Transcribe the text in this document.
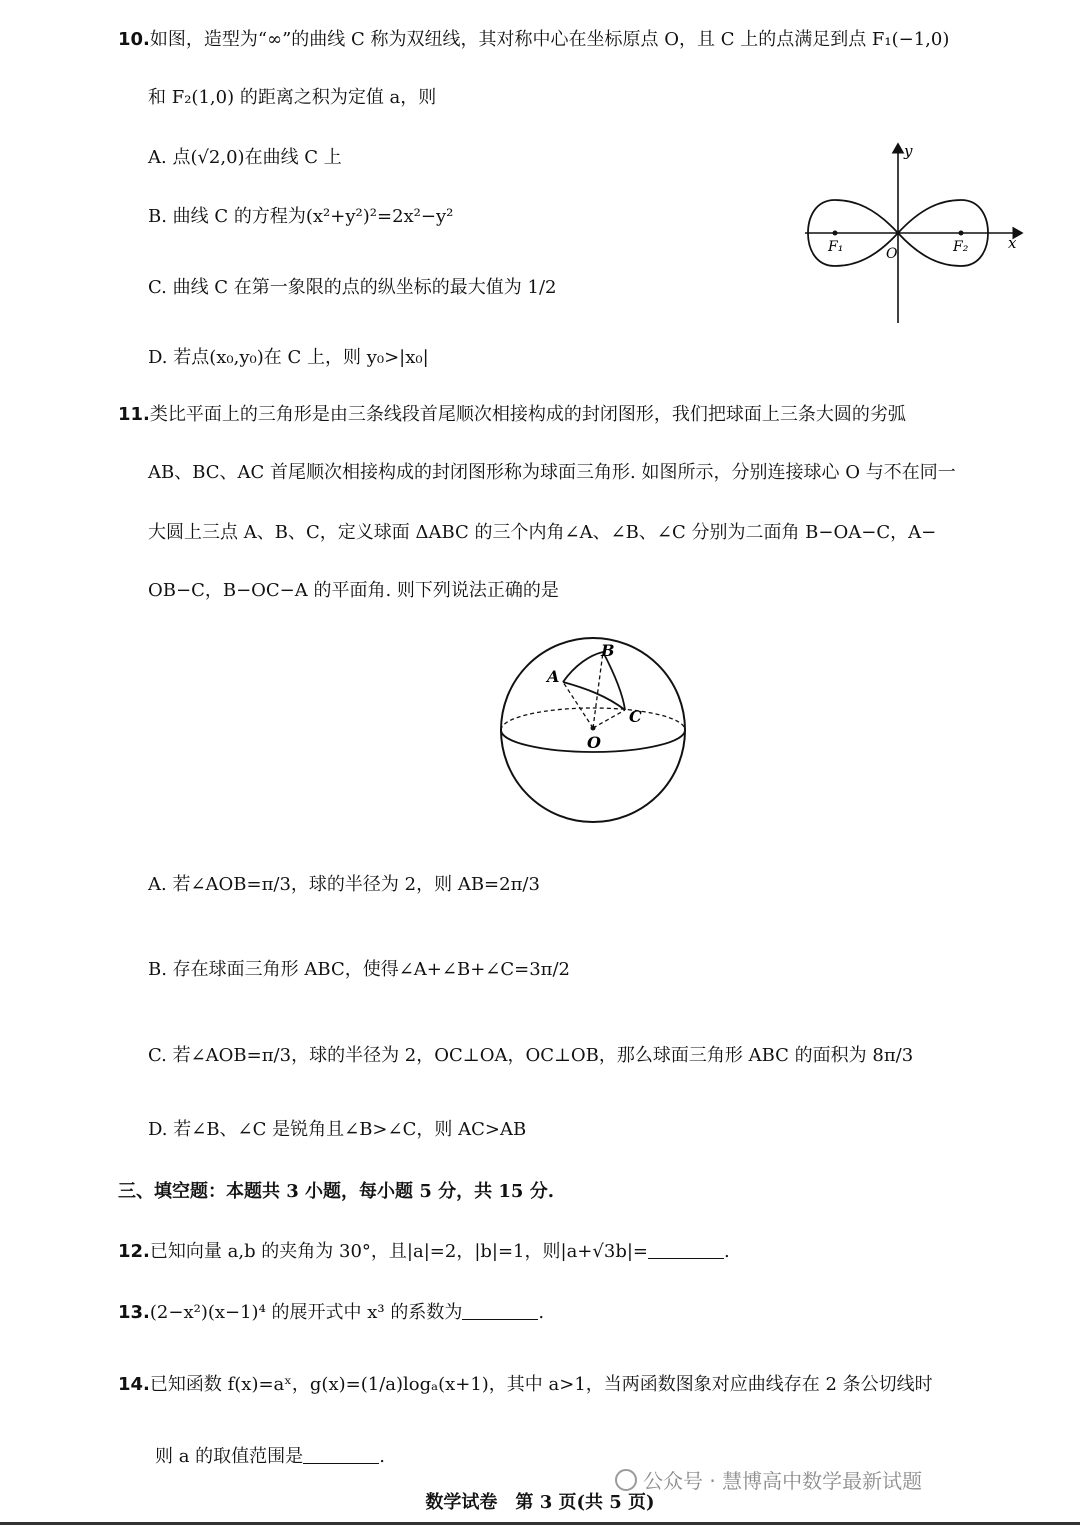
10.如图，造型为“∞”的曲线 C 称为双纽线，其对称中心在坐标原点 O，且 C 上的点满足到点 F₁(−1,0)
和 F₂(1,0) 的距离之积为定值 a，则
A. 点(√2,0)在曲线 C 上
B. 曲线 C 的方程为(x²+y²)²=2x²−y²
C. 曲线 C 在第一象限的点的纵坐标的最大值为 1/2
D. 若点(x₀,y₀)在 C 上，则 y₀>|x₀|
y
x
F₁	F₂
O
11.类比平面上的三角形是由三条线段首尾顺次相接构成的封闭图形，我们把球面上三条大圆的劣弧
AB、BC、AC 首尾顺次相接构成的封闭图形称为球面三角形. 如图所示，分别连接球心 O 与不在同一
大圆上三点 A、B、C，定义球面 ΔABC 的三个内角∠A、∠B、∠C 分别为二面角 B−OA−C，A−
OB−C，B−OC−A 的平面角. 则下列说法正确的是
A
B
C
O
A. 若∠AOB=π/3，球的半径为 2，则 AB=2π/3
B. 存在球面三角形 ABC，使得∠A+∠B+∠C=3π/2
C. 若∠AOB=π/3，球的半径为 2，OC⊥OA，OC⊥OB，那么球面三角形 ABC 的面积为 8π/3
D. 若∠B、∠C 是锐角且∠B>∠C，则 AC>AB
三、填空题：本题共 3 小题，每小题 5 分，共 15 分.
12.已知向量 a,b 的夹角为 30°，且|a|=2，|b|=1，则|a+√3b|=	.
13.(2−x²)(x−1)⁴ 的展开式中 x³ 的系数为	.
14.已知函数 f(x)=aˣ，g(x)=(1/a)logₐ(x+1)，其中 a>1，当两函数图象对应曲线存在 2 条公切线时
则 a 的取值范围是	.
公众号 · 慧博高中数学最新试题
数学试卷　第 3 页(共 5 页)
